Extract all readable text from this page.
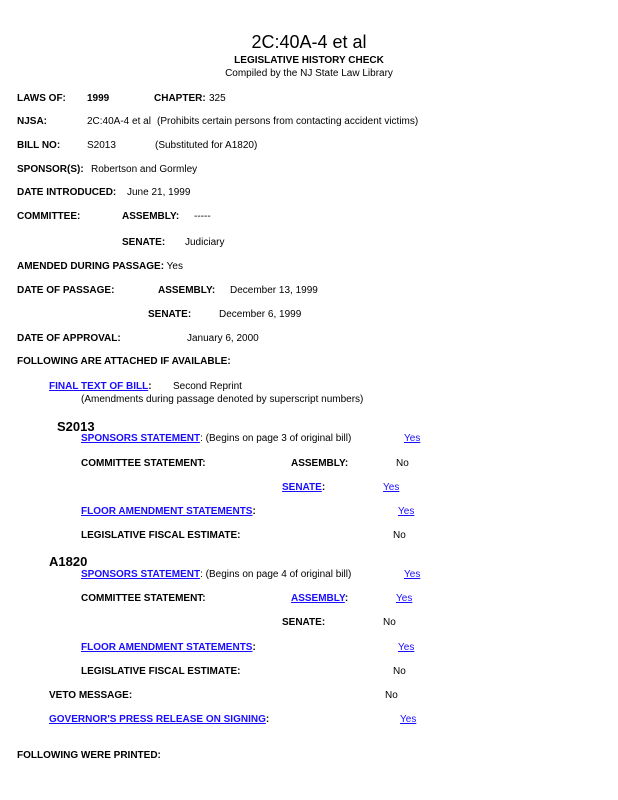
2C:40A-4 et al
LEGISLATIVE HISTORY CHECK
Compiled by the NJ State Law Library
LAWS OF: 1999	CHAPTER: 325
NJSA:	2C:40A-4 et al (Prohibits certain persons from contacting accident victims)
BILL NO:	S2013	(Substituted for A1820)
SPONSOR(S): Robertson and Gormley
DATE INTRODUCED: June 21, 1999
COMMITTEE:	ASSEMBLY: -----
SENATE: Judiciary
AMENDED DURING PASSAGE: Yes
DATE OF PASSAGE:	ASSEMBLY: December 13, 1999
SENATE:	December 6, 1999
DATE OF APPROVAL:	January 6, 2000
FOLLOWING ARE ATTACHED IF AVAILABLE:
FINAL TEXT OF BILL: Second Reprint
(Amendments during passage denoted by superscript numbers)
S2013
SPONSORS STATEMENT: (Begins on page 3 of original bill)	Yes
COMMITTEE STATEMENT:	ASSEMBLY:	No
SENATE:	Yes
FLOOR AMENDMENT STATEMENTS:	Yes
LEGISLATIVE FISCAL ESTIMATE:	No
A1820
SPONSORS STATEMENT: (Begins on page 4 of original bill)	Yes
COMMITTEE STATEMENT:	ASSEMBLY:	Yes
SENATE:	No
FLOOR AMENDMENT STATEMENTS:	Yes
LEGISLATIVE FISCAL ESTIMATE:	No
VETO MESSAGE:	No
GOVERNOR'S PRESS RELEASE ON SIGNING:	Yes
FOLLOWING WERE PRINTED:
